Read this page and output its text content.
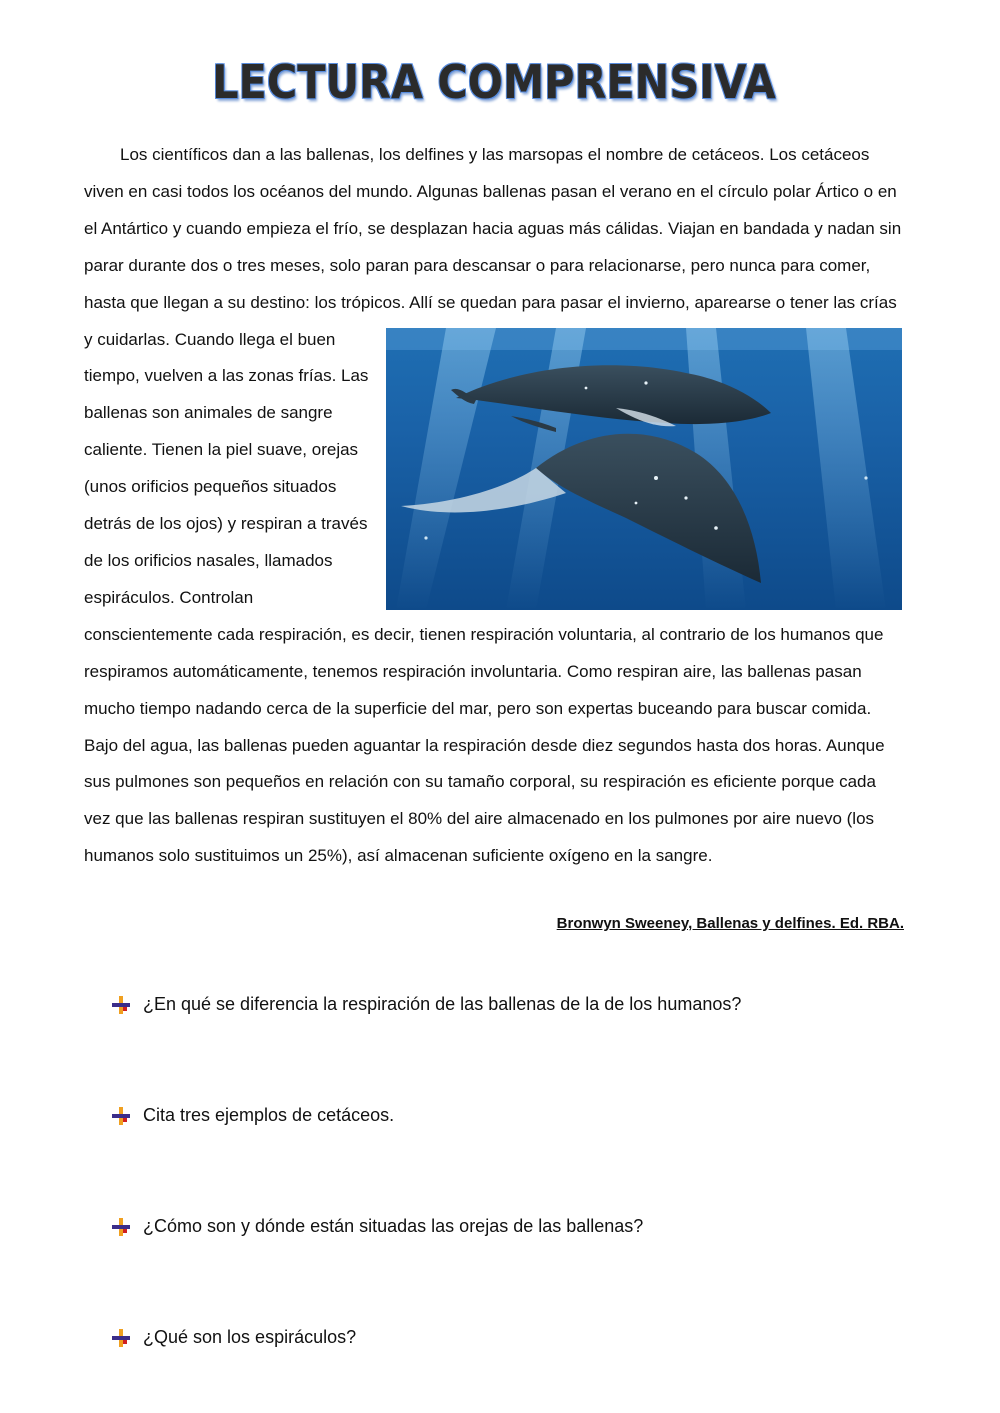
LECTURA COMPRENSIVA

Los científicos dan a las ballenas, los delfines y las marsopas el nombre de cetáceos. Los cetáceos viven en casi todos los océanos del mundo. Algunas ballenas pasan el verano en el círculo polar Ártico o en el Antártico y cuando empieza el frío, se desplazan hacia aguas más cálidas. Viajan en bandada y nadan sin parar durante dos o tres meses, solo paran para descansar o para relacionarse, pero nunca para comer, hasta que llegan a su destino: los trópicos. Allí se quedan para
pasar el invierno, aparearse o tener las crías y cuidarlas. Cuando llega el buen tiempo, vuelven a las zonas frías. Las ballenas son animales de sangre caliente. Tienen la piel suave, orejas (unos orificios pequeños situados detrás de los ojos) y respiran a través de los orificios nasales, llamados espiráculos. Controlan conscientemente cada respiración, es decir, tienen respiración voluntaria, al contrario de los humanos que respiramos automáticamente, tenemos respiración involuntaria. Como respiran aire, las ballenas pasan mucho tiempo nadando cerca de la superficie del mar, pero son expertas buceando para buscar comida. Bajo del agua, las ballenas pueden aguantar la respiración desde diez segundos hasta dos horas. Aunque sus pulmones son pequeños en relación con su tamaño corporal, su respiración es eficiente porque cada vez que las ballenas respiran sustituyen el 80% del aire almacenado en los pulmones por aire nuevo (los humanos solo sustituimos un 25%), así almacenan suficiente oxígeno en la sangre.

Bronwyn Sweeney, Ballenas y delfines. Ed. RBA.
¿En qué se diferencia la respiración de las ballenas de la de los humanos?
Cita tres ejemplos de cetáceos.
¿Cómo son y dónde están situadas las orejas de las ballenas?
¿Qué son los espiráculos?
